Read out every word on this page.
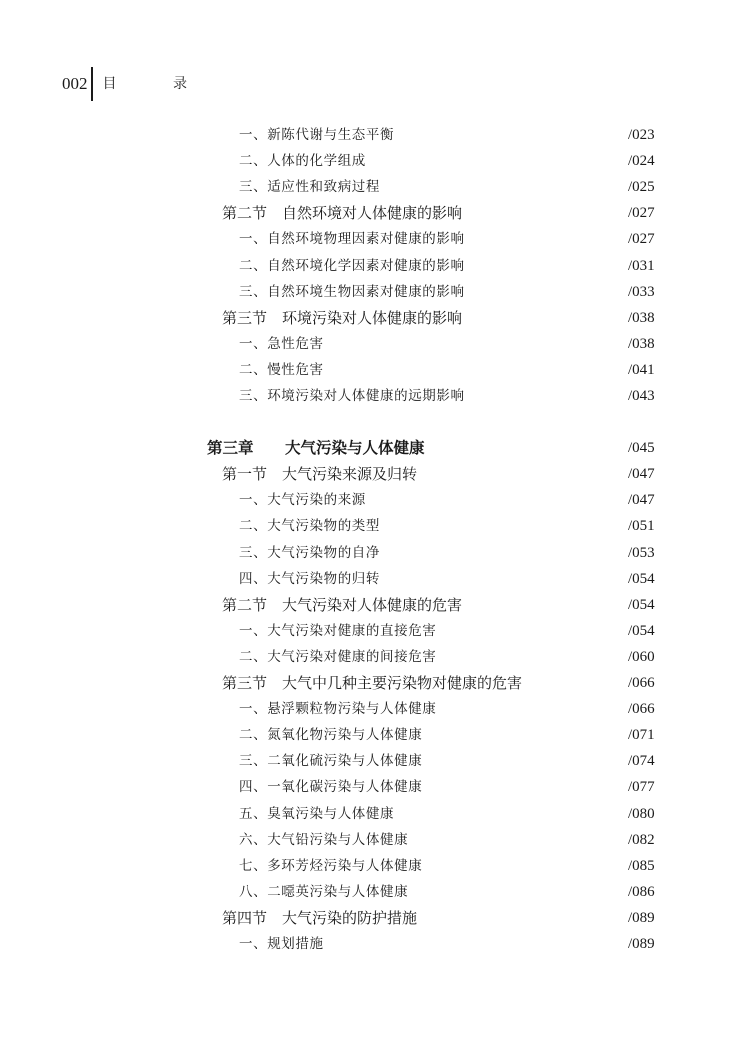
002 目 录
一、新陈代谢与生态平衡	/023
二、人体的化学组成	/024
三、适应性和致病过程	/025
第二节 自然环境对人体健康的影响	/027
一、自然环境物理因素对健康的影响	/027
二、自然环境化学因素对健康的影响	/031
三、自然环境生物因素对健康的影响	/033
第三节 环境污染对人体健康的影响	/038
一、急性危害	/038
二、慢性危害	/041
三、环境污染对人体健康的远期影响	/043
第三章 大气污染与人体健康	/045
第一节 大气污染来源及归转	/047
一、大气污染的来源	/047
二、大气污染物的类型	/051
三、大气污染物的自净	/053
四、大气污染物的归转	/054
第二节 大气污染对人体健康的危害	/054
一、大气污染对健康的直接危害	/054
二、大气污染对健康的间接危害	/060
第三节 大气中几种主要污染物对健康的危害	/066
一、悬浮颗粒物污染与人体健康	/066
二、氮氧化物污染与人体健康	/071
三、二氧化硫污染与人体健康	/074
四、一氧化碳污染与人体健康	/077
五、臭氧污染与人体健康	/080
六、大气铅污染与人体健康	/082
七、多环芳烃污染与人体健康	/085
八、二噁英污染与人体健康	/086
第四节 大气污染的防护措施	/089
一、规划措施	/089
